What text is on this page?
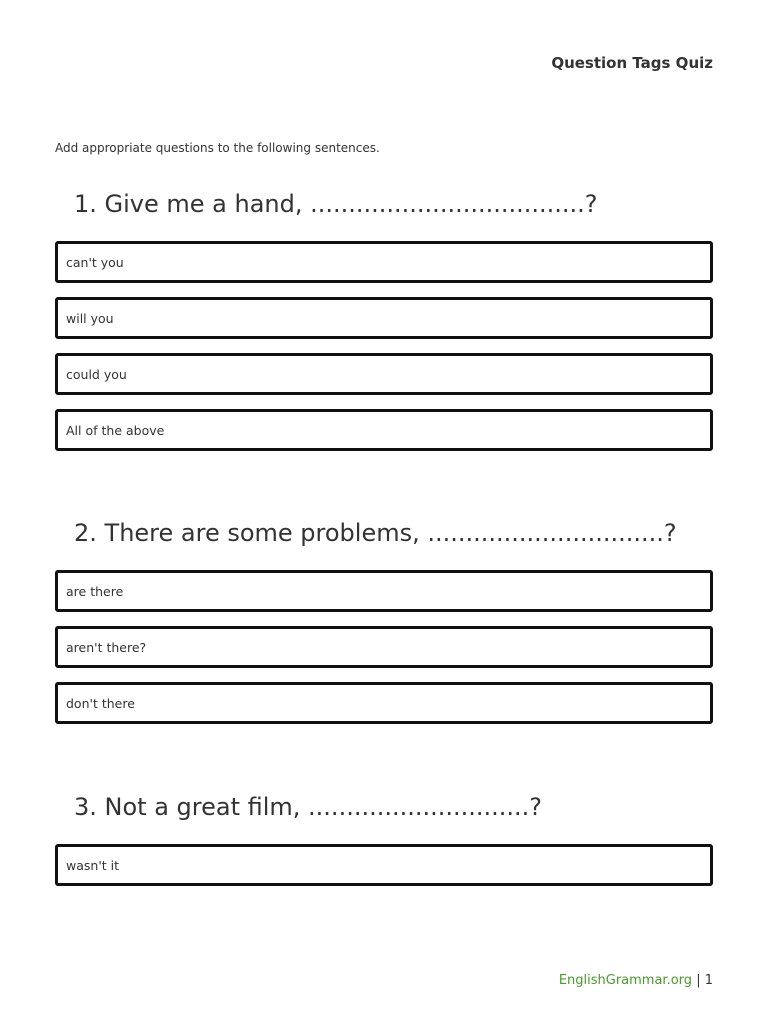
Question Tags Quiz
Add appropriate questions to the following sentences.
1. Give me a hand, ....................................?
can't you
will you
could you
All of the above
2. There are some problems, ...............................?
are there
aren't there?
don't there
3. Not a great film, .............................?
wasn't it
EnglishGrammar.org | 1
